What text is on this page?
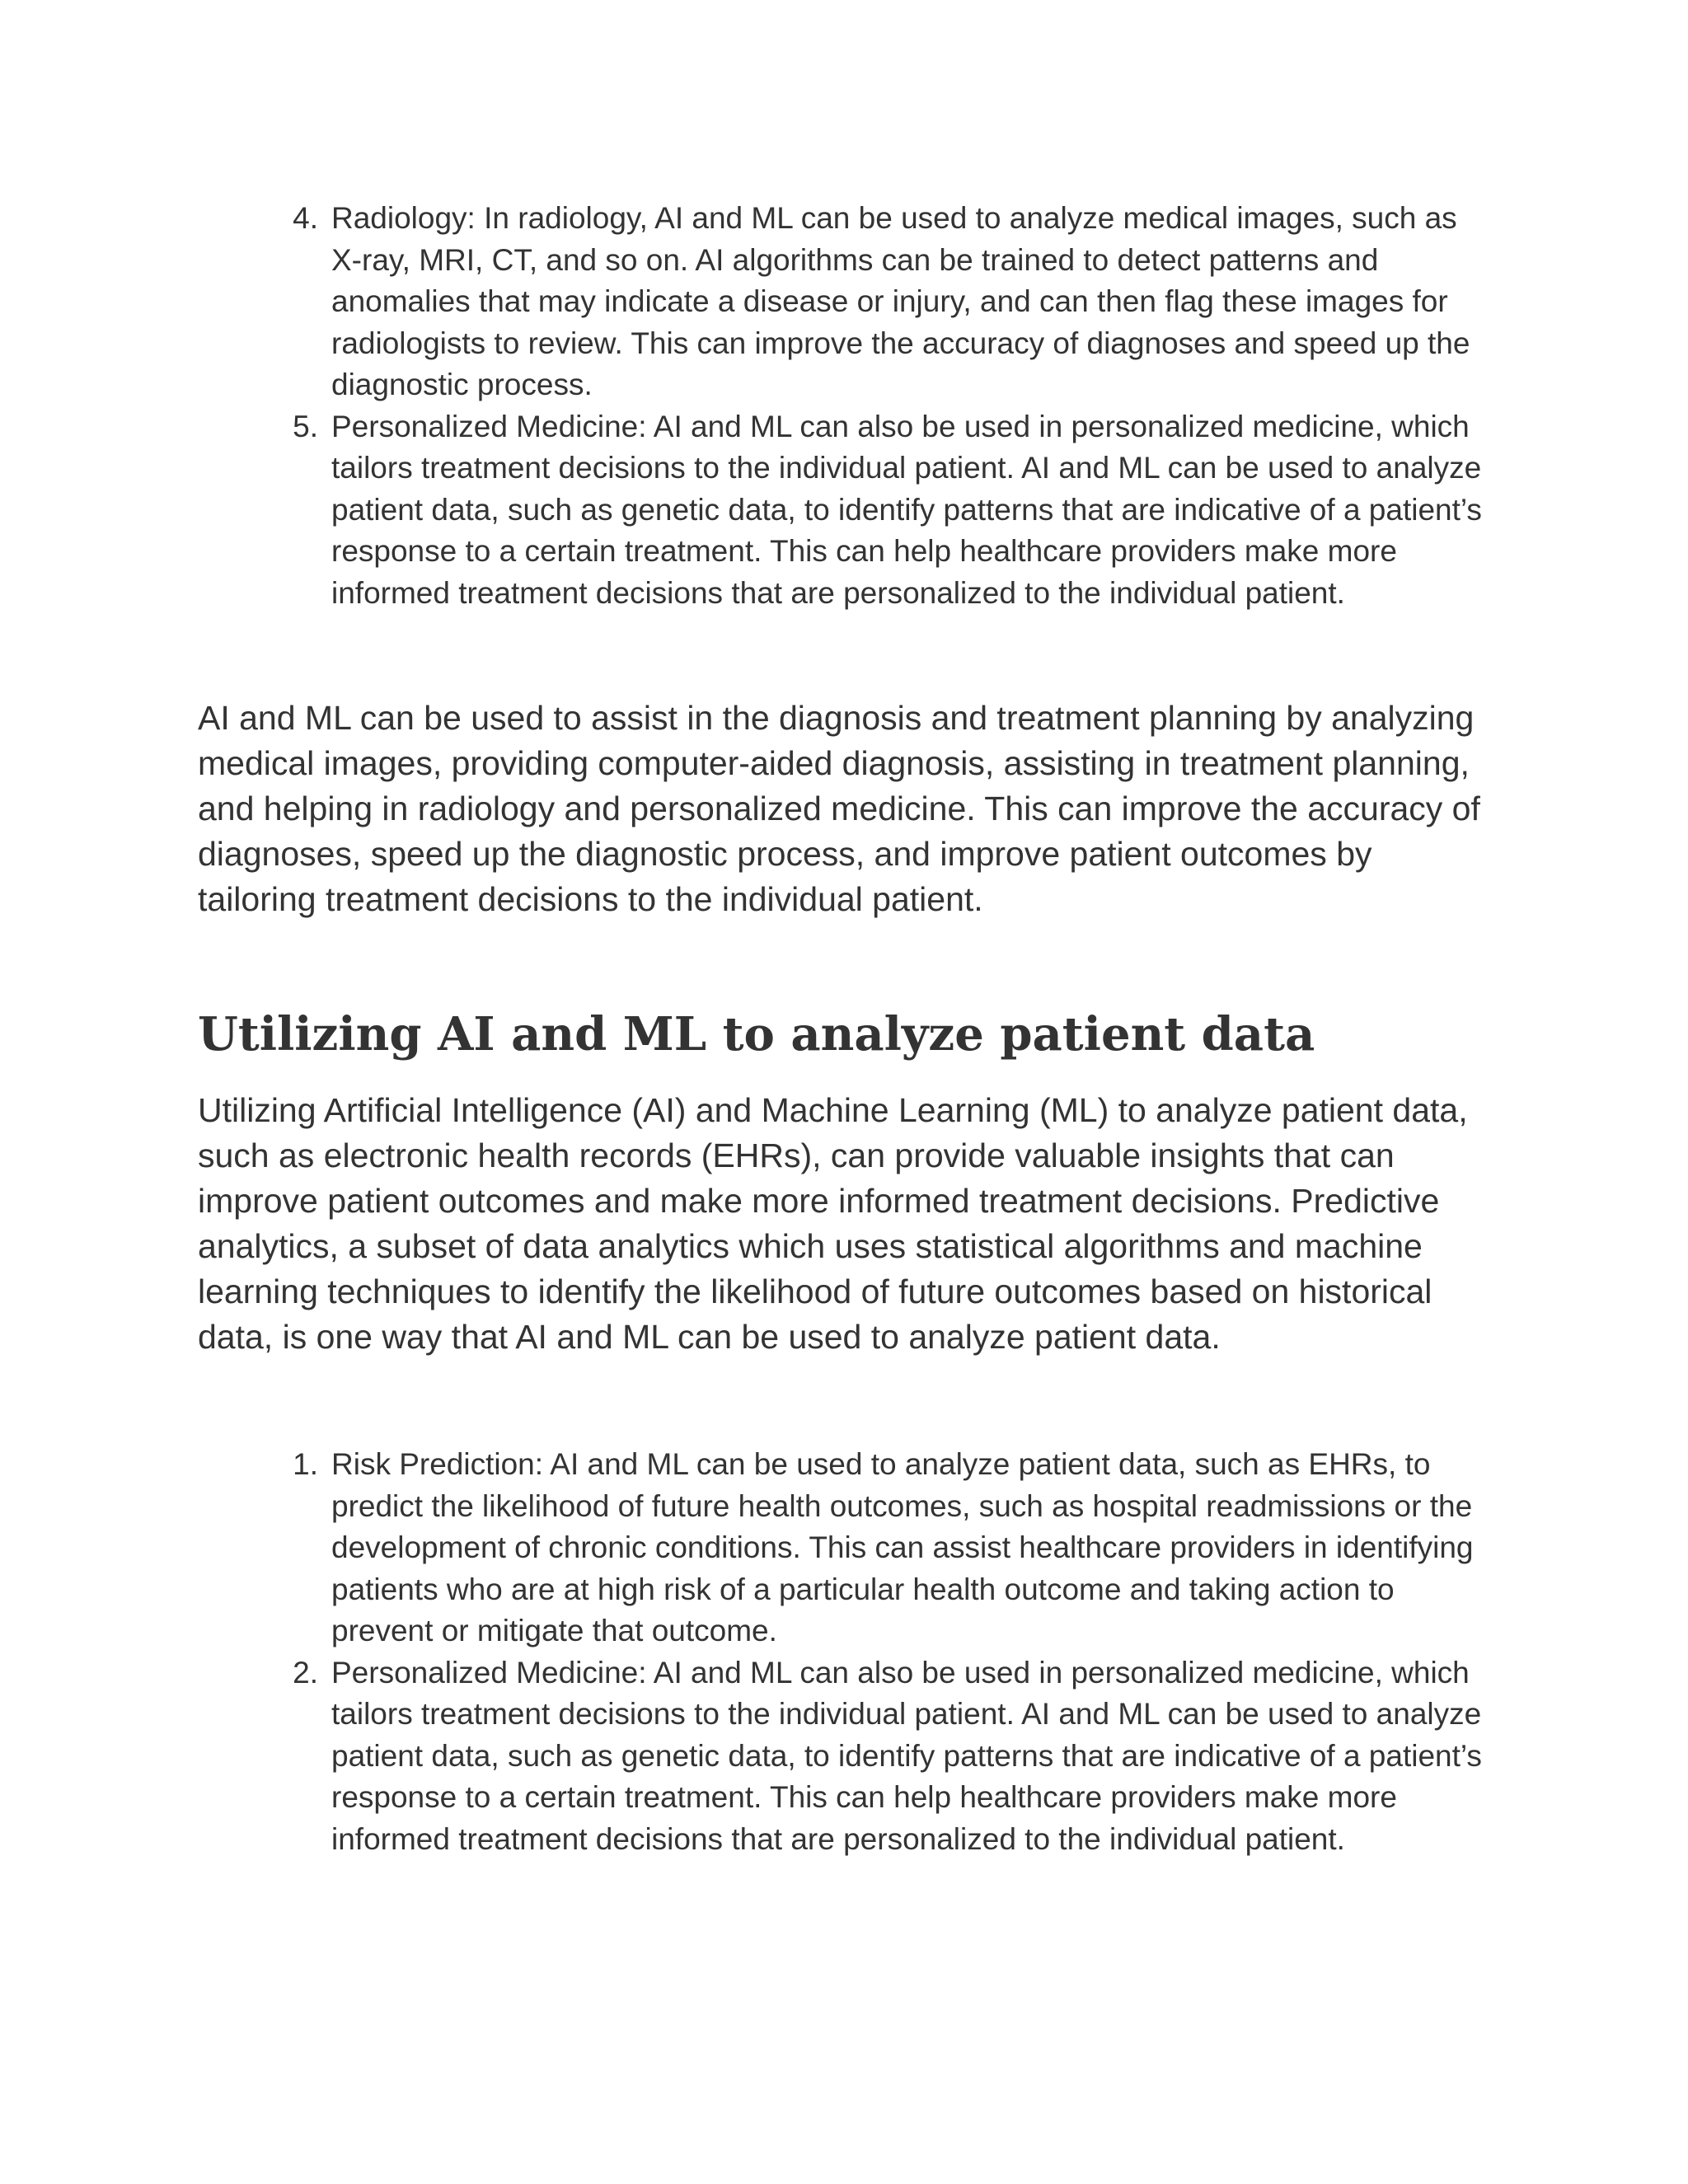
4. Radiology: In radiology, AI and ML can be used to analyze medical images, such as X-ray, MRI, CT, and so on. AI algorithms can be trained to detect patterns and anomalies that may indicate a disease or injury, and can then flag these images for radiologists to review. This can improve the accuracy of diagnoses and speed up the diagnostic process.
5. Personalized Medicine: AI and ML can also be used in personalized medicine, which tailors treatment decisions to the individual patient. AI and ML can be used to analyze patient data, such as genetic data, to identify patterns that are indicative of a patient’s response to a certain treatment. This can help healthcare providers make more informed treatment decisions that are personalized to the individual patient.

AI and ML can be used to assist in the diagnosis and treatment planning by analyzing medical images, providing computer-aided diagnosis, assisting in treatment planning, and helping in radiology and personalized medicine. This can improve the accuracy of diagnoses, speed up the diagnostic process, and improve patient outcomes by tailoring treatment decisions to the individual patient.

Utilizing AI and ML to analyze patient data

Utilizing Artificial Intelligence (AI) and Machine Learning (ML) to analyze patient data, such as electronic health records (EHRs), can provide valuable insights that can improve patient outcomes and make more informed treatment decisions. Predictive analytics, a subset of data analytics which uses statistical algorithms and machine learning techniques to identify the likelihood of future outcomes based on historical data, is one way that AI and ML can be used to analyze patient data.

1. Risk Prediction: AI and ML can be used to analyze patient data, such as EHRs, to predict the likelihood of future health outcomes, such as hospital readmissions or the development of chronic conditions. This can assist healthcare providers in identifying patients who are at high risk of a particular health outcome and taking action to prevent or mitigate that outcome.
2. Personalized Medicine: AI and ML can also be used in personalized medicine, which tailors treatment decisions to the individual patient. AI and ML can be used to analyze patient data, such as genetic data, to identify patterns that are indicative of a patient’s response to a certain treatment. This can help healthcare providers make more informed treatment decisions that are personalized to the individual patient.
